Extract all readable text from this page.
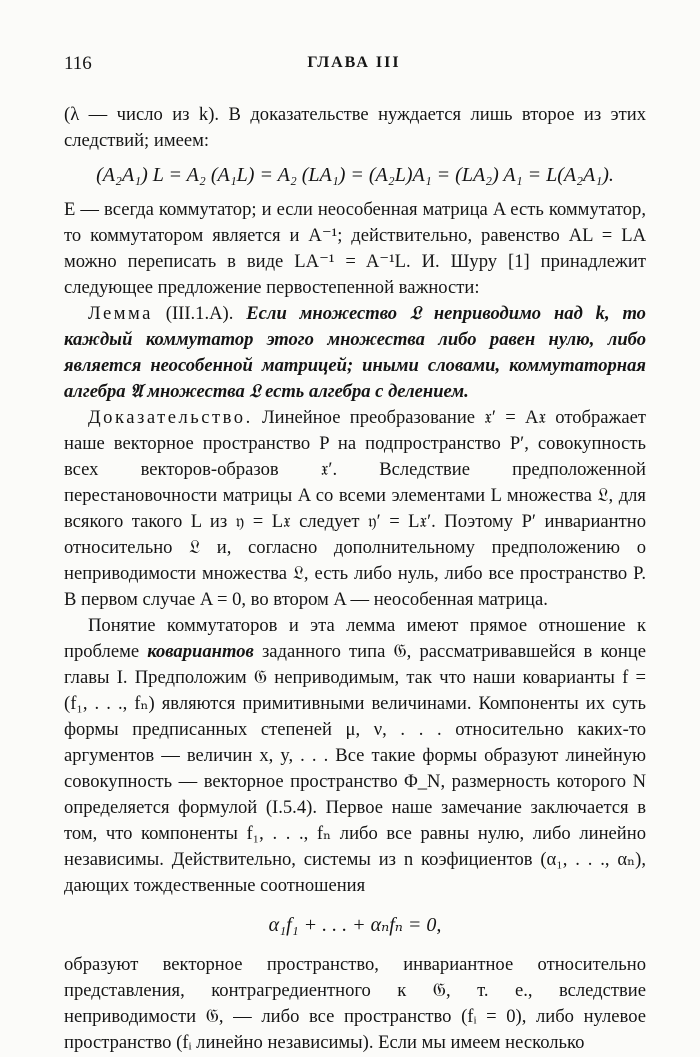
116	ГЛАВА III

(λ — число из k). В доказательстве нуждается лишь второе из этих следствий; имеем:

(A₂A₁) L = A₂ (A₁L) = A₂ (LA₁) = (A₂L)A₁ = (LA₂) A₁ = L(A₂A₁).

E — всегда коммутатор; и если неособенная матрица A есть коммутатор, то коммутатором является и A⁻¹; действительно, равенство AL = LA можно переписать в виде LA⁻¹ = A⁻¹L. И. Шуру [1] принадлежит следующее предложение первостепенной важности:

Лемма (III.1.A). Если множество 𝔏 неприводимо над k, то каждый коммутатор этого множества либо равен нулю, либо является неособенной матрицей; иными словами, коммутаторная алгебра 𝔄 множества 𝔏 есть алгебра с делением.

Доказательство. Линейное преобразование 𝔵′ = A𝔵 отображает наше векторное пространство P на подпространство P′, совокупность всех векторов-образов 𝔵′. Вследствие предположенной перестановочности матрицы A со всеми элементами L множества 𝔏, для всякого такого L из 𝔶 = L𝔵 следует 𝔶′ = L𝔵′. Поэтому P′ инвариантно относительно 𝔏 и, согласно дополнительному предположению о неприводимости множества 𝔏, есть либо нуль, либо все пространство P. В первом случае A = 0, во втором A — неособенная матрица.

Понятие коммутаторов и эта лемма имеют прямое отношение к проблеме ковариантов заданного типа 𝔊, рассматривавшейся в конце главы I. Предположим 𝔊 неприводимым, так что наши коварианты f = (f₁, . . ., fₙ) являются примитивными величинами. Компоненты их суть формы предписанных степеней μ, ν, . . . относительно каких-то аргументов — величин x, y, . . . Все такие формы образуют линейную совокупность — векторное пространство Φ_N, размерность которого N определяется формулой (I.5.4). Первое наше замечание заключается в том, что компоненты f₁, . . ., fₙ либо все равны нулю, либо линейно независимы. Действительно, системы из n коэфициентов (α₁, . . ., αₙ), дающих тождественные соотношения

α₁f₁ + . . . + αₙfₙ = 0,

образуют векторное пространство, инвариантное относительно представления, контрагредиентного к 𝔊, т. е., вследствие неприводимости 𝔊, — либо все пространство (fᵢ = 0), либо нулевое пространство (fᵢ линейно независимы). Если мы имеем несколько
